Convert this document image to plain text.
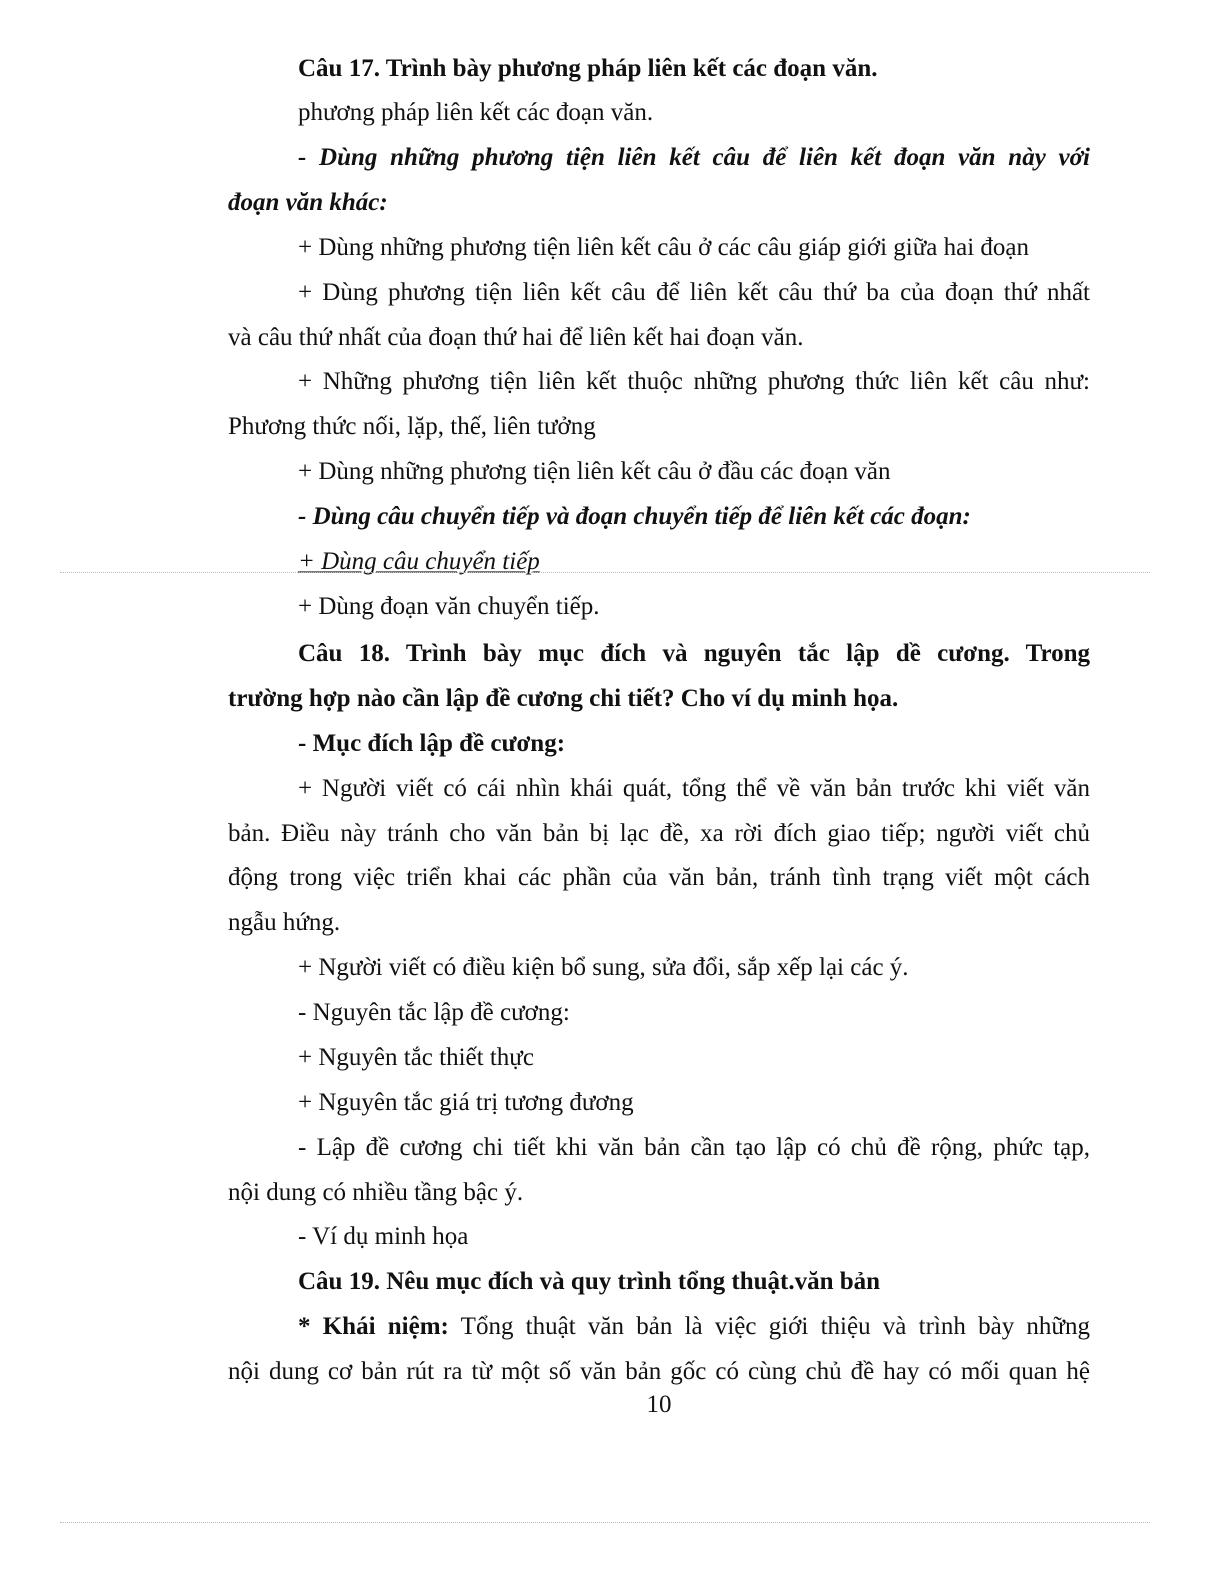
Câu 17. Trình bày phương pháp liên kết các đoạn văn.
phương pháp liên kết các đoạn văn.
- Dùng những phương tiện liên kết câu để liên kết đoạn văn này với
đoạn văn khác:
+ Dùng những phương tiện liên kết câu ở các câu giáp giới giữa hai đoạn
+ Dùng phương tiện liên kết câu để liên kết câu thứ ba của đoạn thứ nhất
và câu thứ nhất của đoạn thứ hai để liên kết hai đoạn văn.
+ Những phương tiện liên kết thuộc những phương thức liên kết câu như:
Phương thức nối, lặp, thế, liên tưởng
+ Dùng những phương tiện liên kết câu ở đầu các đoạn văn
- Dùng câu chuyển tiếp và đoạn chuyển tiếp để liên kết các đoạn:
+ Dùng câu chuyển tiếp
+ Dùng đoạn văn chuyển tiếp.
Câu 18. Trình bày mục đích và nguyên tắc lập dề cương. Trong
trường hợp nào cần lập đề cương chi tiết? Cho ví dụ minh họa.
- Mục đích lập đề cương:
+ Người viết có cái nhìn khái quát, tổng thể về văn bản trước khi viết văn
bản. Điều này tránh cho văn bản bị lạc đề, xa rời đích giao tiếp; người viết chủ
động trong việc triển khai các phần của văn bản, tránh tình trạng viết một cách
ngẫu hứng.
+ Người viết có điều kiện bổ sung, sửa đổi, sắp xếp lại các ý.
- Nguyên tắc lập đề cương:
+ Nguyên tắc thiết thực
+ Nguyên tắc giá trị tương đương
- Lập đề cương chi tiết khi văn bản cần tạo lập có chủ đề rộng, phức tạp,
nội dung có nhiều tầng bậc ý.
- Ví dụ minh họa
Câu 19. Nêu mục đích và quy trình tổng thuật.văn bản
* Khái niệm: Tổng thuật văn bản là việc giới thiệu và trình bày những
nội dung cơ bản rút ra từ một số văn bản gốc có cùng chủ đề hay có mối quan hệ
10
